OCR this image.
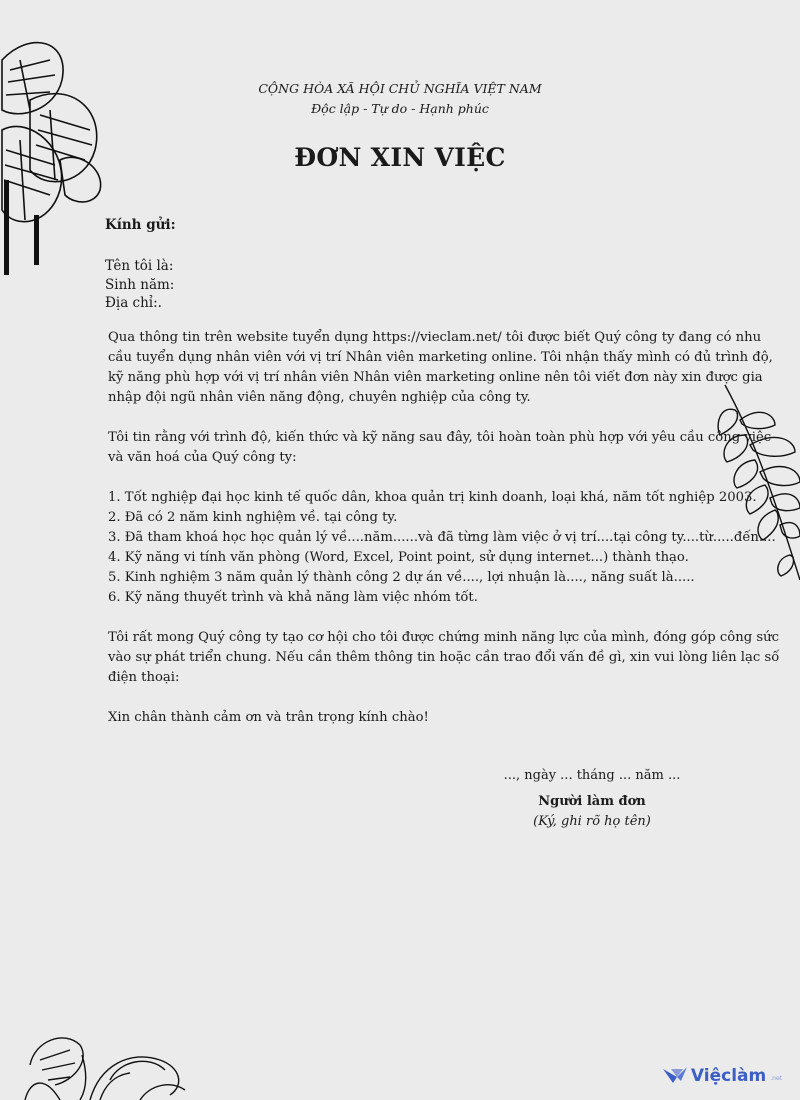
CỘNG HÒA XÃ HỘI CHỦ NGHĨA VIỆT NAM
Độc lập - Tự do - Hạnh phúc
ĐƠN XIN VIỆC
Kính gửi:
Tên tôi là:
Sinh năm:
Địa chỉ:.

Qua thông tin trên website tuyển dụng https://vieclam.net/ tôi được biết Quý công ty đang có nhu
cầu tuyển dụng nhân viên với vị trí Nhân viên marketing online. Tôi nhận thấy mình có đủ trình độ,
kỹ năng phù hợp với vị trí nhân viên Nhân viên marketing online nên tôi viết đơn này xin được gia
nhập đội ngũ nhân viên năng động, chuyên nghiệp của công ty.

Tôi tin rằng với trình độ, kiến thức và kỹ năng sau đây, tôi hoàn toàn phù hợp với yêu cầu công việc
và văn hoá của Quý công ty:

1. Tốt nghiệp đại học kinh tế quốc dân, khoa quản trị kinh doanh, loại khá, năm tốt nghiệp 2003.
2. Đã có 2 năm kinh nghiệm về. tại công ty.
3. Đã tham khoá học học quản lý về....năm......và đã từng làm việc ở vị trí....tại công ty....từ.....đến....
4. Kỹ năng vi tính văn phòng (Word, Excel, Point point, sử dụng internet...) thành thạo.
5. Kinh nghiệm 3 năm quản lý thành công 2 dự án về...., lợi nhuận là...., năng suất là.....
6. Kỹ năng thuyết trình và khả năng làm việc nhóm tốt.

Tôi rất mong Quý công ty tạo cơ hội cho tôi được chứng minh năng lực của mình, đóng góp công sức
vào sự phát triển chung. Nếu cần thêm thông tin hoặc cần trao đổi vấn đề gì, xin vui lòng liên lạc số
điện thoại:

Xin chân thành cảm ơn và trân trọng kính chào!

..., ngày ... tháng ... năm ...
Người làm đơn
(Ký, ghi rõ họ tên)
Việclàm .net
